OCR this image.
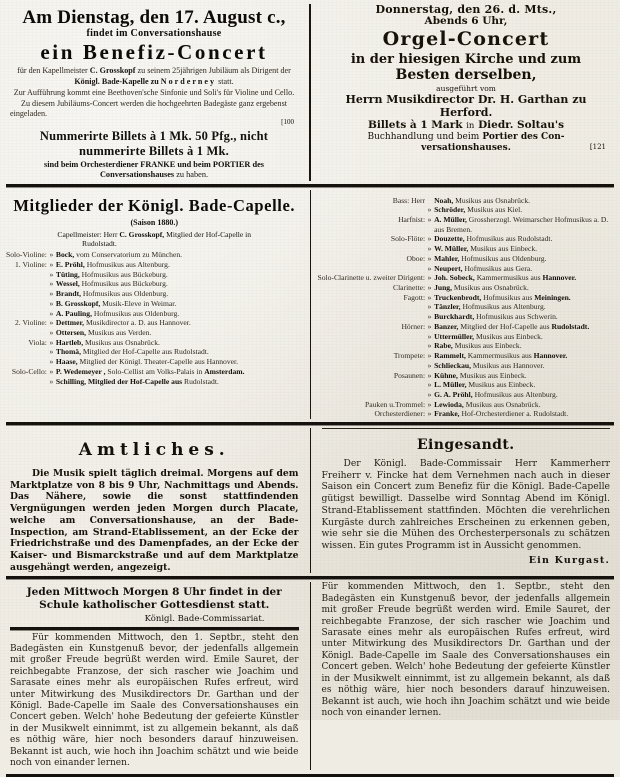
Am Dienstag, den 17. August c.,
findet im Conversationshause
ein Benefiz-Concert
für den Kapellmeister C. Grosskopf zu seinem 25jährigen Jubiläum als Dirigent der
Königl. Bade-Kapelle zu Norderney statt.
Zur Aufführung kommt eine Beethoven'sche Sinfonie und Soli's für Violine und Cello.
Zu diesem Jubiläums-Concert werden die hochgeehrten Badegäste ganz ergebenst
eingeladen.
[100
Nummerirte Billets à 1 Mk. 50 Pfg., nicht nummerirte Billets à 1 Mk.
sind beim Orchesterdiener FRANKE und beim PORTIER des Conversationshauses zu haben.
Donnerstag, den 26. d. Mts.,
Abends 6 Uhr,
Orgel-Concert
in der hiesigen Kirche und zum
Besten derselben,
ausgeführt vom
Herrn Musikdirector Dr. H. Garthan zu
Herford.
Billets à 1 Mark in Diedr. Soltau's
Buchhandlung und beim Portier des Con-
versationshauses.	[121
Mitglieder der Königl. Bade-Capelle.
(Saison 1880.)
Capellmeister: Herr C. Grosskopf, Mitglied der Hof-Capelle in
Rudolstadt.
Solo-Violine:	»	Bock, vom Conservatorium zu München.
1. Violine:	»	E. Pröhl, Hofmusikus aus Altenburg.
	»	Tüting, Hofmusikus aus Bückeburg.
	»	Wessel, Hofmusikus aus Bückeburg.
	»	Brandt, Hofmusikus aus Oldenburg.
	»	B. Grosskopf, Musik-Eleve in Weimar.
	»	A. Pauling, Hofmusikus aus Oldenburg.
2. Violine:	»	Dettmer, Musikdirector a. D. aus Hannover.
	»	Ottersen, Musikus aus Verden.
Viola:	»	Hartleb, Musikus aus Osnabrück.
	»	Thomä, Mitglied der Hof-Capelle aus Rudolstadt.
	»	Haase, Mitglied der Königl. Theater-Capelle aus Hannover.
Solo-Cello:	»	P. Wedemeyer , Solo-Cellist am Volks-Palais in Amsterdam.
	»	Schilling, Mitglied der Hof-Capelle aus Rudolstadt.
Bass: Herr		Noah, Musikus aus Osnabrück.
	»	Schröder, Musikus aus Kiel.
Harfnist:	»	A. Müller, Grossherzogl. Weimarscher Hofmusikus a. D. aus Bremen.
Solo-Flöte:	»	Douzette, Hofmusikus aus Rudolstadt.
	»	W. Müller, Musikus aus Einbeck.
Oboe:	»	Mahler, Hofmusikus aus Oldenburg.
	»	Neupert, Hofmusikus aus Gera.
Solo-Clarinette u. zweiter Dirigent:	»	Joh. Sobeck, Kammermusikus aus Hannover.
Clarinette:	»	Jung, Musikus aus Osnabrück.
Fagott:	»	Truckenbrodt, Hofmusikus aus Meiningen.
	»	Tänzler, Hofmusikus aus Altenburg.
	»	Burckhardt, Hofmusikus aus Schwerin.
Hörner:	»	Banzer, Mitglied der Hof-Capelle aus Rudolstadt.
	»	Uttermüller, Musikus aus Einbeck.
	»	Rabe, Musikus aus Einbeck.
Trompete:	»	Rammelt, Kammermusikus aus Hannover.
	»	Schlieckau, Musikus aus Hannover.
Posaunen:	»	Kühne, Musikus aus Einbeck.
	»	L. Müller, Musikus aus Einbeck.
	»	G. A. Pröhl, Hofmusikus aus Altenburg.
Pauken u.Trommel:	»	Lewioda, Musikus aus Osnabrück.
Orchesterdiener:	»	Franke, Hof-Orchesterdiener a. Rudolstadt.
Amtliches.
Die Musik spielt täglich dreimal. Morgens auf dem Marktplatze von 8 bis 9 Uhr, Nachmittags und Abends. Das Nähere, sowie die sonst stattfindenden Vergnügungen werden jeden Morgen durch Placate, welche am Conversationshause, an der Bade-Inspection, am Strand-Etablissement, an der Ecke der Friedrichstraße und des Damenpfades, an der Ecke der Kaiser- und Bismarckstraße und auf dem Marktplatze ausgehängt werden, angezeigt.
Eingesandt.
Der Königl. Bade-Commissair Herr Kammerherr Freiherr v. Fincke hat dem Vernehmen nach auch in dieser Saison ein Concert zum Benefiz für die Königl. Bade-Capelle gütigst bewilligt. Dasselbe wird Sonntag Abend im Königl. Strand-Etablissement stattfinden. Möchten die verehrlichen Kurgäste durch zahlreiches Erscheinen zu erkennen geben, wie sehr sie die Mühen des Orchesterpersonals zu schätzen wissen. Ein gutes Programm ist in Aussicht genommen.
Ein Kurgast.
Jeden Mittwoch Morgen 8 Uhr findet in der Schule katholischer Gottesdienst statt.
Königl. Bade-Commissariat.
Für kommenden Mittwoch, den 1. Septbr., steht den Badegästen ein Kunstgenuß bevor, der jedenfalls allgemein mit großer Freude begrüßt werden wird. Emile Sauret, der reichbegabte Franzose, der sich rascher wie Joachim und Sarasate eines mehr als europäischen Rufes erfreut, wird unter Mitwirkung des Musikdirectors Dr. Garthan und der Königl. Bade-Capelle im Saale des Conversationshauses ein Concert geben. Welch' hohe Bedeutung der gefeierte Künstler in der Musikwelt einnimmt, ist zu allgemein bekannt, als daß es nöthig wäre, hier noch besonders darauf hinzuweisen. Bekannt ist auch, wie hoch ihn Joachim schätzt und wie beide noch von einander lernen.
Für kommenden Mittwoch, den 1. Septbr., steht den Badegästen ein Kunstgenuß bevor, der jedenfalls allgemein mit großer Freude begrüßt werden wird. Emile Sauret, der reichbegabte Franzose, der sich rascher wie Joachim und Sarasate eines mehr als europäischen Rufes erfreut, wird unter Mitwirkung des Musikdirectors Dr. Garthan und der Königl. Bade-Capelle im Saale des Conversationshauses ein Concert geben. Welch' hohe Bedeutung der gefeierte Künstler in der Musikwelt einnimmt, ist zu allgemein bekannt, als daß es nöthig wäre, hier noch besonders darauf hinzuweisen. Bekannt ist auch, wie hoch ihn Joachim schätzt und wie beide noch von einander lernen.
